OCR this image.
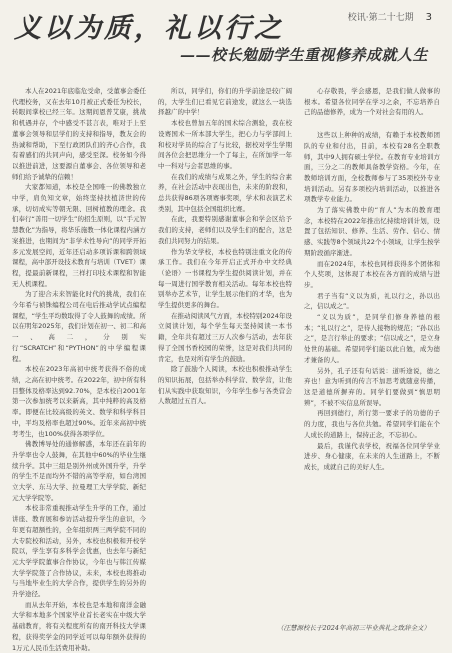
义以为质，礼以行之	校讯·第二十七期 3
——校长勉励学生重视修养成就人生

本人在2021年底临危受命，受董事会委任代理校务，又在去年10月被正式委任为校长，转眼间掌校已经三年。这期间恩普艾康，挑战和机遇并存，个中感受不甚言表，唯对于上至董事会领导和层学们的支持和指导，教友会的热诚和帮助，下至行政团队们的齐心合作，我有着感们的共同声向，感受至深。校务如今得以推进前进，这要源自董事会、各位领导和老师们给予诚挚的信赖！

大家都知道，本校是全国唯一的佛教独立中学，肩负知文章，始终坚持扶植济世的传承，切切成实等朝无限、回树植教的理念。我们奉行“善用一切学生”的招生原则，以“手元智慧教化”为指导，将华乐施教一体化课程内涵方案推进，也期间为“非学术性导向”的同学开拓多元发展空间，近年还启动多项诉课和跨领域课程，高中部开设技术教育与培训（TVET）课程，提最前新课程，三样打印技术课程和智能无人机课程。

为了迎合未来智能化时代的挑战，我们在今年希与祯铢编程公司在电后推动学试点编程课程，“学生平均数取得了令人鼓舞的成绩。所以在明年2025年，我们计划在初一、初二和高一、高二，分别实行“SCRATCH”和“PYTHON”的中学编程课程。

本校在2023年高初中统考获得不俗的成绩，之高在初中统考。在2022年，初中所有科目整体及格率达到92.70%，是本校自2001年第一次参加统考以来新高，其中纯粹的高及格率。即便在比较高级的英文、数学和科学科目中，平均及格率也超过90%。近年来高初中统考考生，也100%获得各项学位。

佛教博导处的通修解惑，本年还在前年的升学率也令人鼓舞，在其他中60%的毕业生继续升学。其中三组是别外州或外国升学，升学的学生不足而均外不错的高等学府，如台湾国立大学、东马大学、拉曼理工大学学院、新纪元大学学院等。

本校非常重视推动学生升学的工作，通过讲座、教育展和参访活动提升学生的意识，今年更有超额性的，全年组织两三两学院不同的大专院校和活动，另外，本校也积极和开校学院以，学生享有多科学会优惠，也去年与新纪元大学学院董事合作协议，今年也与韩江传媒大学学院签了合作协议，未来，本校也将推动与当地毕业生的大学合作，提供学生的另外的升学途径。

而从去年开始，本校也是本地和南洋金融大学和本地多个国家毕业首长老实在中级大学基础教育，将有关程度所有的南开科技大学课程，获得奖学金的同学近可以每年额外获得的1万元人民币生活费用补助。

所以，同学们，你们的升学前途是较广阔的，大学生们已看见它前途发，就这么一块选择越广的中学！

本校也曾加五年的国术综合测验，我在校设赛国术一所本部大学生，把心力与学部间上和校对学员的综合了与比较，据校对学生学期间各位会把思维分一个了每主，在所加学一年中一科对与会者思维的事。

在我们的成绩与成果之外，学生的综合素养，在社会活动中表现出色，未来的阶段和，总共获得86项各项赛事奖项，学术和表演艺术类别，其中包括全国组织比赛。

在此，我要特别感谢董事会和学会区给予我们的支持，老师们以及学生们的配合，这是我们共同努力的结果。

作为华文学校，本校也特别注重文化的传承工作。我们在今年开启正式开办中文经典（论语）一书课程为学生提供阅读计划，并在每一周进行国学教育相关活动。每年本校也特别举办艺术节，让学生展示他们的才华，也为学生提供更多的舞台。

在推动阅读风气方面，本校特别2024年设立阅读计划，每个学生每天坚持阅读一本书籍，全年共有超过三万人次参与活动，去年获得了全国书香校园的荣誉，这是对我们共同的肯定，也是对所有学生的鼓励。

除了鼓励个人阅读，本校也积极推动学生的知识拓展，包括举办科学营、数学营，让他们从实践中获取知识，今年学生参与各类营会人数超过五百人。

心存敬畏，学会感恩，是我们做人做事的根本。希望各位同学在学习之余，不忘培养自己的品德修养，成为一个对社会有用的人。

这些以上种种的成绩，有赖于本校教师团队的专业和付出，目前，本校有28名全职教师，其中9人拥有硕士学位。在教育专业培训方面，三分之二的教师具备教学资格。今年，在教师培训方面，全校教师参与了35项校外专业培训活动。另有多项校内培训活动，以推进各项教学专业能力。

为了落实佛教中的“育人”为本的教育理念，本校特在2022年推出忆持续培训计划，设置了包括知识、修养、生活、劳作、信心、情感、实践等8个领域共22个小领域，让学生按学期阶段循序渐进。

而在2024年，本校也同样获得多个团体和个人奖项，这体现了本校在各方面的成绩与进步。

君子当有“义以为质，礼以行之，孙以出之，信以成之”。

“义以为质”，是同学们修身养德的根本；“礼以行之”，是待人接物的规范；“孙以出之”，是言行举止的要求；“信以成之”，是立身处世的基础。希望同学们能以此自勉，成为德才兼备的人。

另外，孔子还有句话说：道听途说，德之弃也！意为听到的传言不加思考就随意传播，这是道德所摒弃的。同学们要做到“慎思明辨”，不被不实信息所误导。

再回到德行，所行第一要求子的功德的子的力度，我也与各位共勉。希望同学们能在个人成长的道路上，保持正念，不忘初心。

最后，我谨代表学校，祝福各位同学学业进步、身心健康，在未来的人生道路上，不断成长，成就自己的美好人生。

（汪慧源校长于2024年高初三毕业典礼之致辞全文）
